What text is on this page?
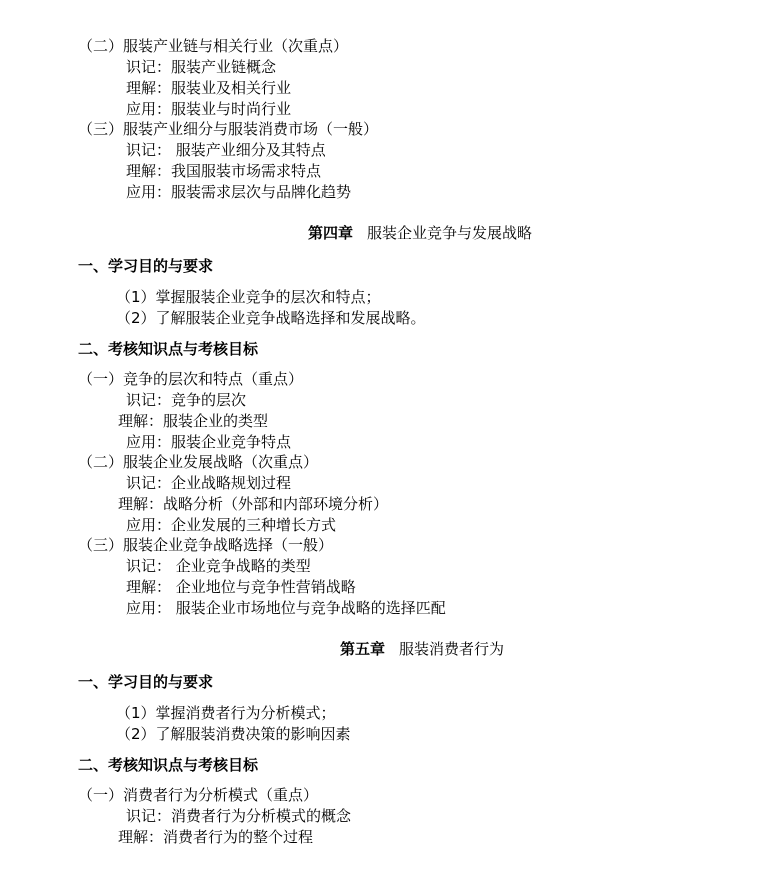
（二）服装产业链与相关行业（次重点）
识记：服装产业链概念
理解：服装业及相关行业
应用：服装业与时尚行业
（三）服装产业细分与服装消费市场（一般）
识记： 服装产业细分及其特点
理解：我国服装市场需求特点
应用：服装需求层次与品牌化趋势
第四章 服装企业竞争与发展战略
一、学习目的与要求
（1）掌握服装企业竞争的层次和特点；
（2）了解服装企业竞争战略选择和发展战略。
二、考核知识点与考核目标
（一）竞争的层次和特点（重点）
识记：竞争的层次
理解：服装企业的类型
应用：服装企业竞争特点
（二）服装企业发展战略（次重点）
识记：企业战略规划过程
理解：战略分析（外部和内部环境分析）
应用：企业发展的三种增长方式
（三）服装企业竞争战略选择（一般）
识记： 企业竞争战略的类型
理解： 企业地位与竞争性营销战略
应用： 服装企业市场地位与竞争战略的选择匹配
第五章 服装消费者行为
一、学习目的与要求
（1）掌握消费者行为分析模式；
（2）了解服装消费决策的影响因素
二、考核知识点与考核目标
（一）消费者行为分析模式（重点）
识记：消费者行为分析模式的概念
理解：消费者行为的整个过程
